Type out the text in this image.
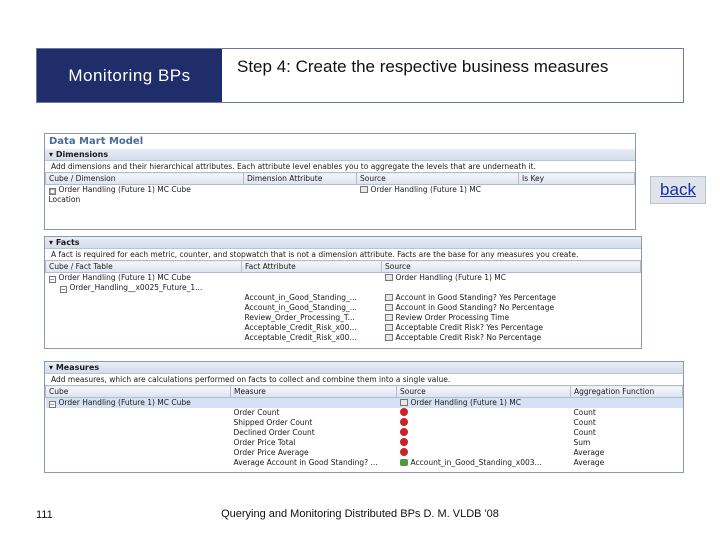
Monitoring BPs	Step 4: Create the respective business measures
Data Mart Model
▾ Dimensions
Add dimensions and their hierarchical attributes. Each attribute level enables you to aggregate the levels that are underneath it.
Cube / Dimension	Dimension Attribute	Source	Is Key
□ Order Handling (Future 1) MC Cube		Order Handling (Future 1) MC	
Location			
back
▾ Facts
A fact is required for each metric, counter, and stopwatch that is not a dimension attribute. Facts are the base for any measures you create.
Cube / Fact Table	Fact Attribute	Source
− Order Handling (Future 1) MC Cube		Order Handling (Future 1) MC
− Order_Handling__x0025_Future_1...		
	Account_in_Good_Standing_...	Account in Good Standing? Yes Percentage
	Account_in_Good_Standing_...	Account in Good Standing? No Percentage
	Review_Order_Processing_T...	Review Order Processing Time
	Acceptable_Credit_Risk_x00...	Acceptable Credit Risk? Yes Percentage
	Acceptable_Credit_Risk_x00...	Acceptable Credit Risk? No Percentage
▾ Measures
Add measures, which are calculations performed on facts to collect and combine them into a single value.
Cube	Measure	Source	Aggregation Function
− Order Handling (Future 1) MC Cube		Order Handling (Future 1) MC	
	Order Count		Count
	Shipped Order Count		Count
	Declined Order Count		Count
	Order Price Total		Sum
	Order Price Average		Average
	Average Account in Good Standing? ...	Account_in_Good_Standing_x003...	Average
111	Querying and Monitoring Distributed BPs D. M. VLDB '08
